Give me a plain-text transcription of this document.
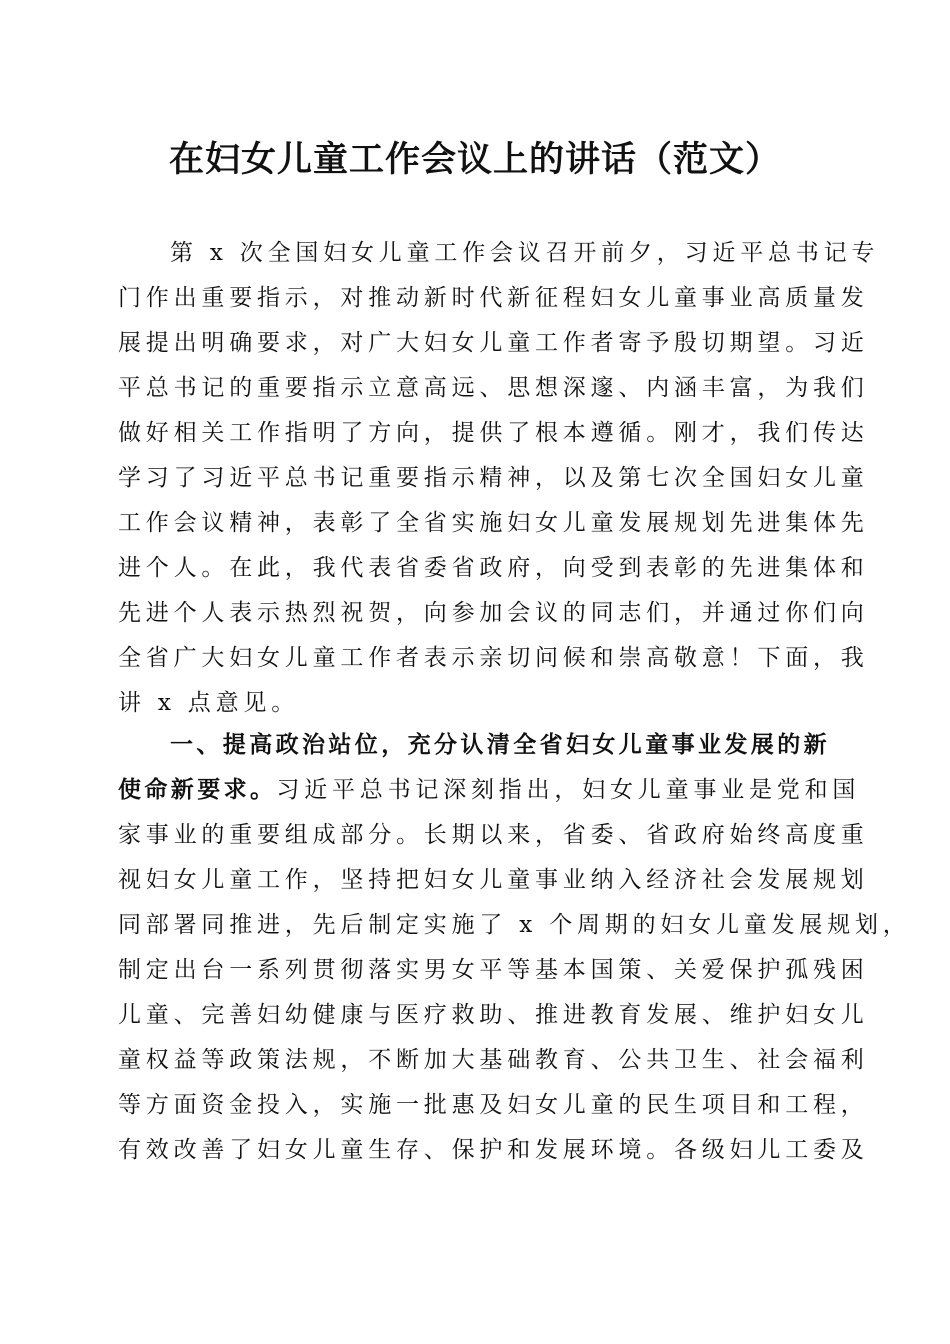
在妇女儿童工作会议上的讲话（范文）
第 x 次全国妇女儿童工作会议召开前夕，习近平总书记专
门作出重要指示，对推动新时代新征程妇女儿童事业高质量发
展提出明确要求，对广大妇女儿童工作者寄予殷切期望。习近
平总书记的重要指示立意高远、思想深邃、内涵丰富，为我们
做好相关工作指明了方向，提供了根本遵循。刚才，我们传达
学习了习近平总书记重要指示精神，以及第七次全国妇女儿童
工作会议精神，表彰了全省实施妇女儿童发展规划先进集体先
进个人。在此，我代表省委省政府，向受到表彰的先进集体和
先进个人表示热烈祝贺，向参加会议的同志们，并通过你们向
全省广大妇女儿童工作者表示亲切问候和崇高敬意！下面，我
讲 x 点意见。
一、提高政治站位，充分认清全省妇女儿童事业发展的新
使命新要求。习近平总书记深刻指出，妇女儿童事业是党和国
家事业的重要组成部分。长期以来，省委、省政府始终高度重
视妇女儿童工作，坚持把妇女儿童事业纳入经济社会发展规划
同部署同推进，先后制定实施了 x 个周期的妇女儿童发展规划，
制定出台一系列贯彻落实男女平等基本国策、关爱保护孤残困
儿童、完善妇幼健康与医疗救助、推进教育发展、维护妇女儿
童权益等政策法规，不断加大基础教育、公共卫生、社会福利
等方面资金投入，实施一批惠及妇女儿童的民生项目和工程，
有效改善了妇女儿童生存、保护和发展环境。各级妇儿工委及
